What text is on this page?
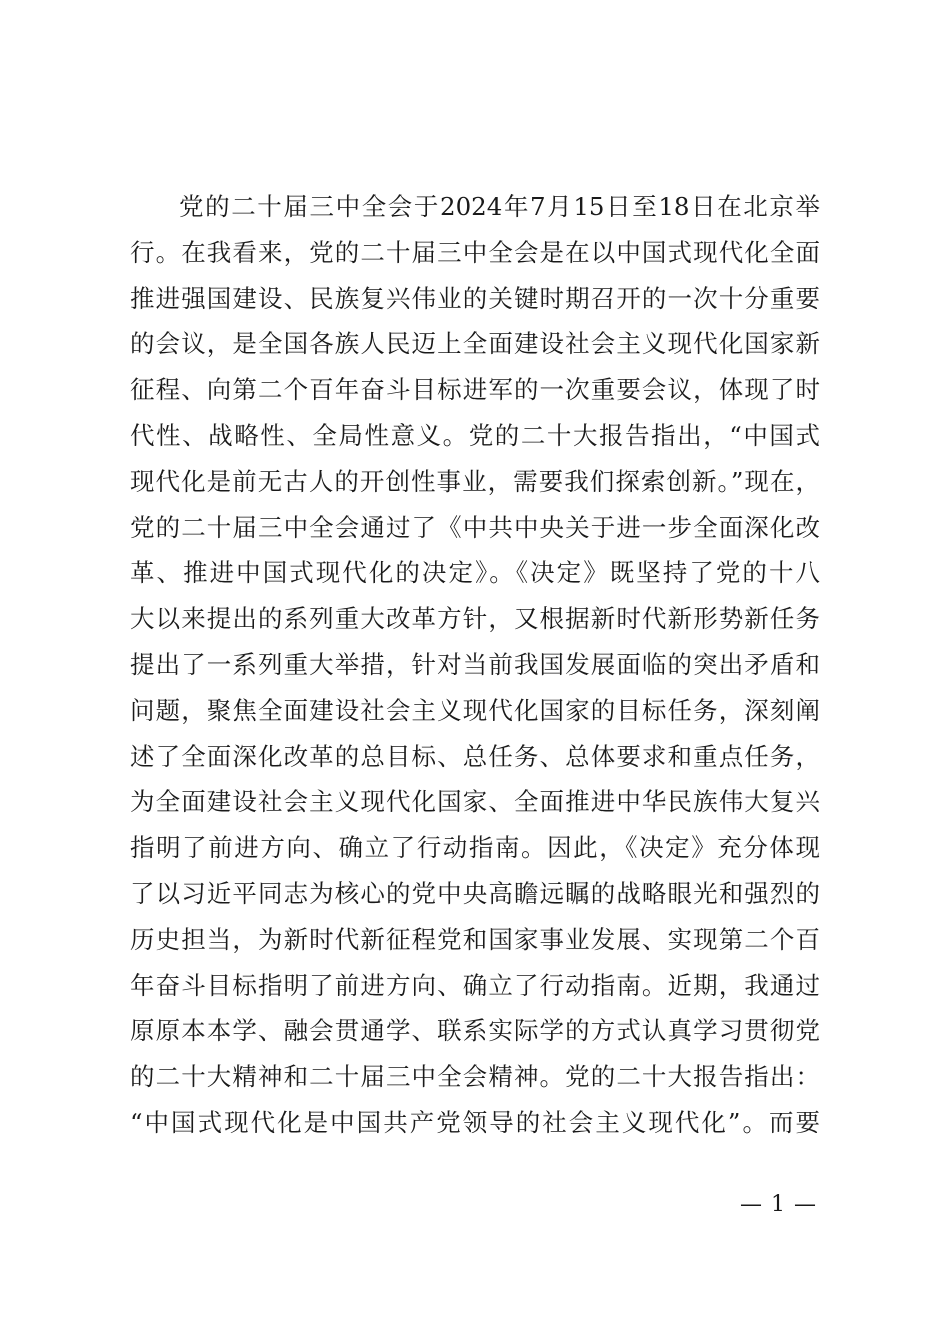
党的二十届三中全会于2024年7月15日至18日在北京举
行。在我看来，党的二十届三中全会是在以中国式现代化全面
推进强国建设、民族复兴伟业的关键时期召开的一次十分重要
的会议，是全国各族人民迈上全面建设社会主义现代化国家新
征程、向第二个百年奋斗目标进军的一次重要会议，体现了时
代性、战略性、全局性意义。党的二十大报告指出，“中国式
现代化是前无古人的开创性事业，需要我们探索创新。”现在，
党的二十届三中全会通过了《中共中央关于进一步全面深化改
革、推进中国式现代化的决定》。《决定》既坚持了党的十八
大以来提出的系列重大改革方针，又根据新时代新形势新任务
提出了一系列重大举措，针对当前我国发展面临的突出矛盾和
问题，聚焦全面建设社会主义现代化国家的目标任务，深刻阐
述了全面深化改革的总目标、总任务、总体要求和重点任务，
为全面建设社会主义现代化国家、全面推进中华民族伟大复兴
指明了前进方向、确立了行动指南。因此，《决定》充分体现
了以习近平同志为核心的党中央高瞻远瞩的战略眼光和强烈的
历史担当，为新时代新征程党和国家事业发展、实现第二个百
年奋斗目标指明了前进方向、确立了行动指南。近期，我通过
原原本本学、融会贯通学、联系实际学的方式认真学习贯彻党
的二十大精神和二十届三中全会精神。党的二十大报告指出：
“中国式现代化是中国共产党领导的社会主义现代化”。而要
— 1 —
